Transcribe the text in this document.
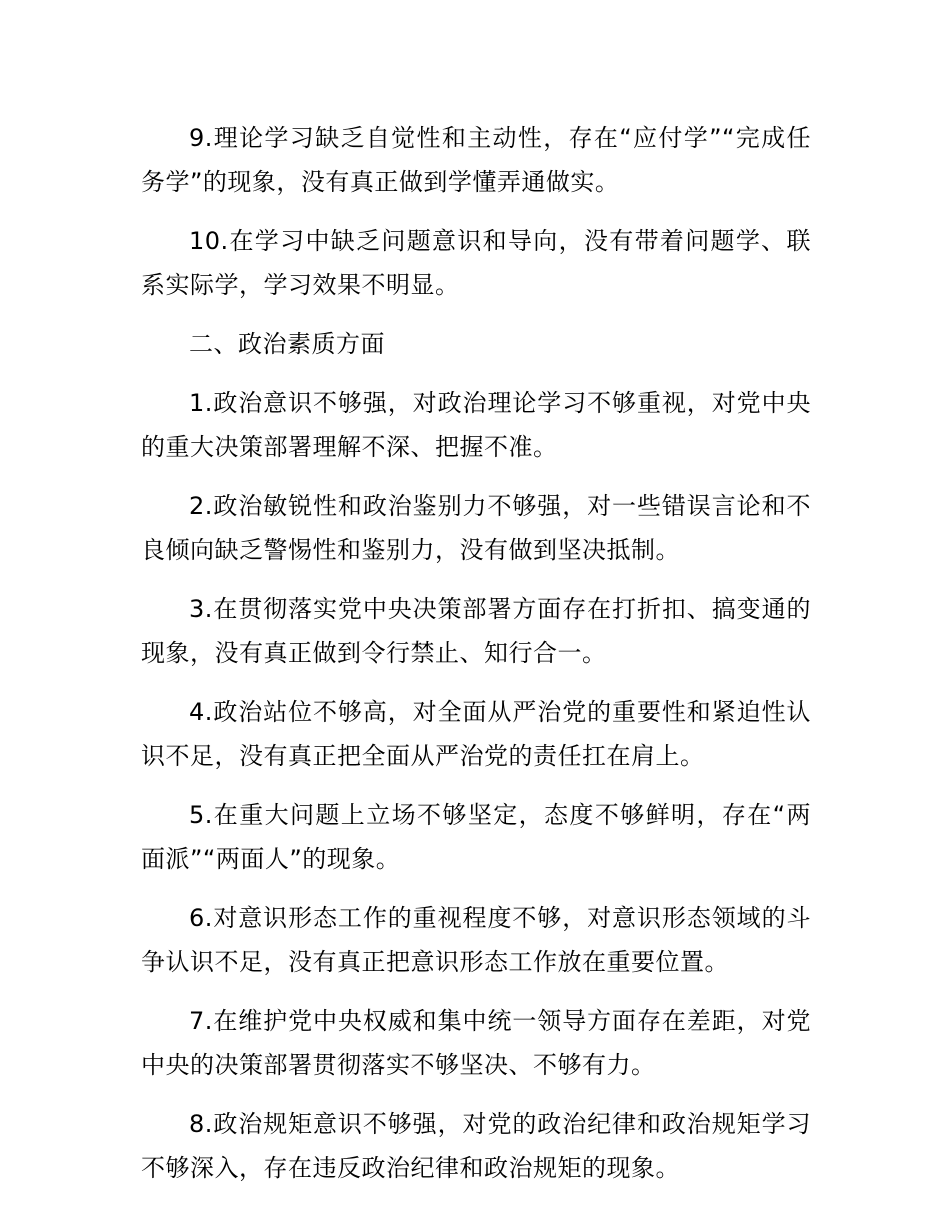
9.理论学习缺乏自觉性和主动性，存在“应付学”“完成任务学”的现象，没有真正做到学懂弄通做实。

10.在学习中缺乏问题意识和导向，没有带着问题学、联系实际学，学习效果不明显。

二、政治素质方面

1.政治意识不够强，对政治理论学习不够重视，对党中央的重大决策部署理解不深、把握不准。

2.政治敏锐性和政治鉴别力不够强，对一些错误言论和不良倾向缺乏警惕性和鉴别力，没有做到坚决抵制。

3.在贯彻落实党中央决策部署方面存在打折扣、搞变通的现象，没有真正做到令行禁止、知行合一。

4.政治站位不够高，对全面从严治党的重要性和紧迫性认识不足，没有真正把全面从严治党的责任扛在肩上。

5.在重大问题上立场不够坚定，态度不够鲜明，存在“两面派”“两面人”的现象。

6.对意识形态工作的重视程度不够，对意识形态领域的斗争认识不足，没有真正把意识形态工作放在重要位置。

7.在维护党中央权威和集中统一领导方面存在差距，对党中央的决策部署贯彻落实不够坚决、不够有力。

8.政治规矩意识不够强，对党的政治纪律和政治规矩学习不够深入，存在违反政治纪律和政治规矩的现象。
